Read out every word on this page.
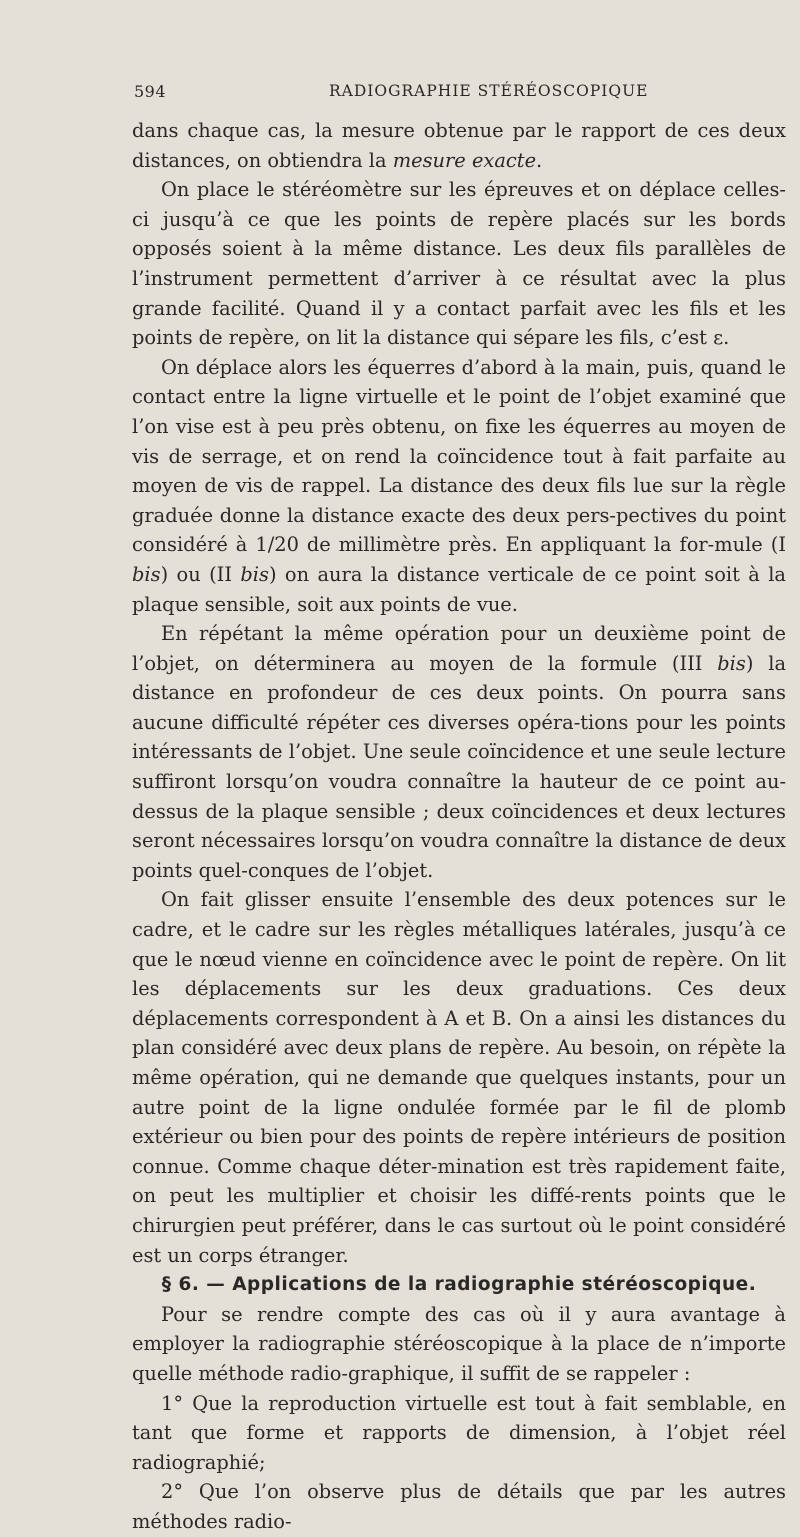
594	RADIOGRAPHIE STÉRÉOSCOPIQUE

dans chaque cas, la mesure obtenue par le rapport de ces deux distances, on obtiendra la mesure exacte.

On place le stéréomètre sur les épreuves et on déplace celles-ci jusqu’à ce que les points de repère placés sur les bords opposés soient à la même distance. Les deux fils parallèles de l’instrument permettent d’arriver à ce résultat avec la plus grande facilité. Quand il y a contact parfait avec les fils et les points de repère, on lit la distance qui sépare les fils, c’est ε.

On déplace alors les équerres d’abord à la main, puis, quand le contact entre la ligne virtuelle et le point de l’objet examiné que l’on vise est à peu près obtenu, on fixe les équerres au moyen de vis de serrage, et on rend la coïncidence tout à fait parfaite au moyen de vis de rappel. La distance des deux fils lue sur la règle graduée donne la distance exacte des deux pers-pectives du point considéré à 1/20 de millimètre près. En appliquant la for-mule (I bis) ou (II bis) on aura la distance verticale de ce point soit à la plaque sensible, soit aux points de vue.

En répétant la même opération pour un deuxième point de l’objet, on déterminera au moyen de la formule (III bis) la distance en profondeur de ces deux points. On pourra sans aucune difficulté répéter ces diverses opéra-tions pour les points intéressants de l’objet. Une seule coïncidence et une seule lecture suffiront lorsqu’on voudra connaître la hauteur de ce point au-dessus de la plaque sensible ; deux coïncidences et deux lectures seront nécessaires lorsqu’on voudra connaître la distance de deux points quel-conques de l’objet.

On fait glisser ensuite l’ensemble des deux potences sur le cadre, et le cadre sur les règles métalliques latérales, jusqu’à ce que le nœud vienne en coïncidence avec le point de repère. On lit les déplacements sur les deux graduations. Ces deux déplacements correspondent à A et B. On a ainsi les distances du plan considéré avec deux plans de repère. Au besoin, on répète la même opération, qui ne demande que quelques instants, pour un autre point de la ligne ondulée formée par le fil de plomb extérieur ou bien pour des points de repère intérieurs de position connue. Comme chaque déter-mination est très rapidement faite, on peut les multiplier et choisir les diffé-rents points que le chirurgien peut préférer, dans le cas surtout où le point considéré est un corps étranger.

§ 6. — Applications de la radiographie stéréoscopique.

Pour se rendre compte des cas où il y aura avantage à employer la radiographie stéréoscopique à la place de n’importe quelle méthode radio-graphique, il suffit de se rappeler :

1° Que la reproduction virtuelle est tout à fait semblable, en tant que forme et rapports de dimension, à l’objet réel radiographié;

2° Que l’on observe plus de détails que par les autres méthodes radio-
